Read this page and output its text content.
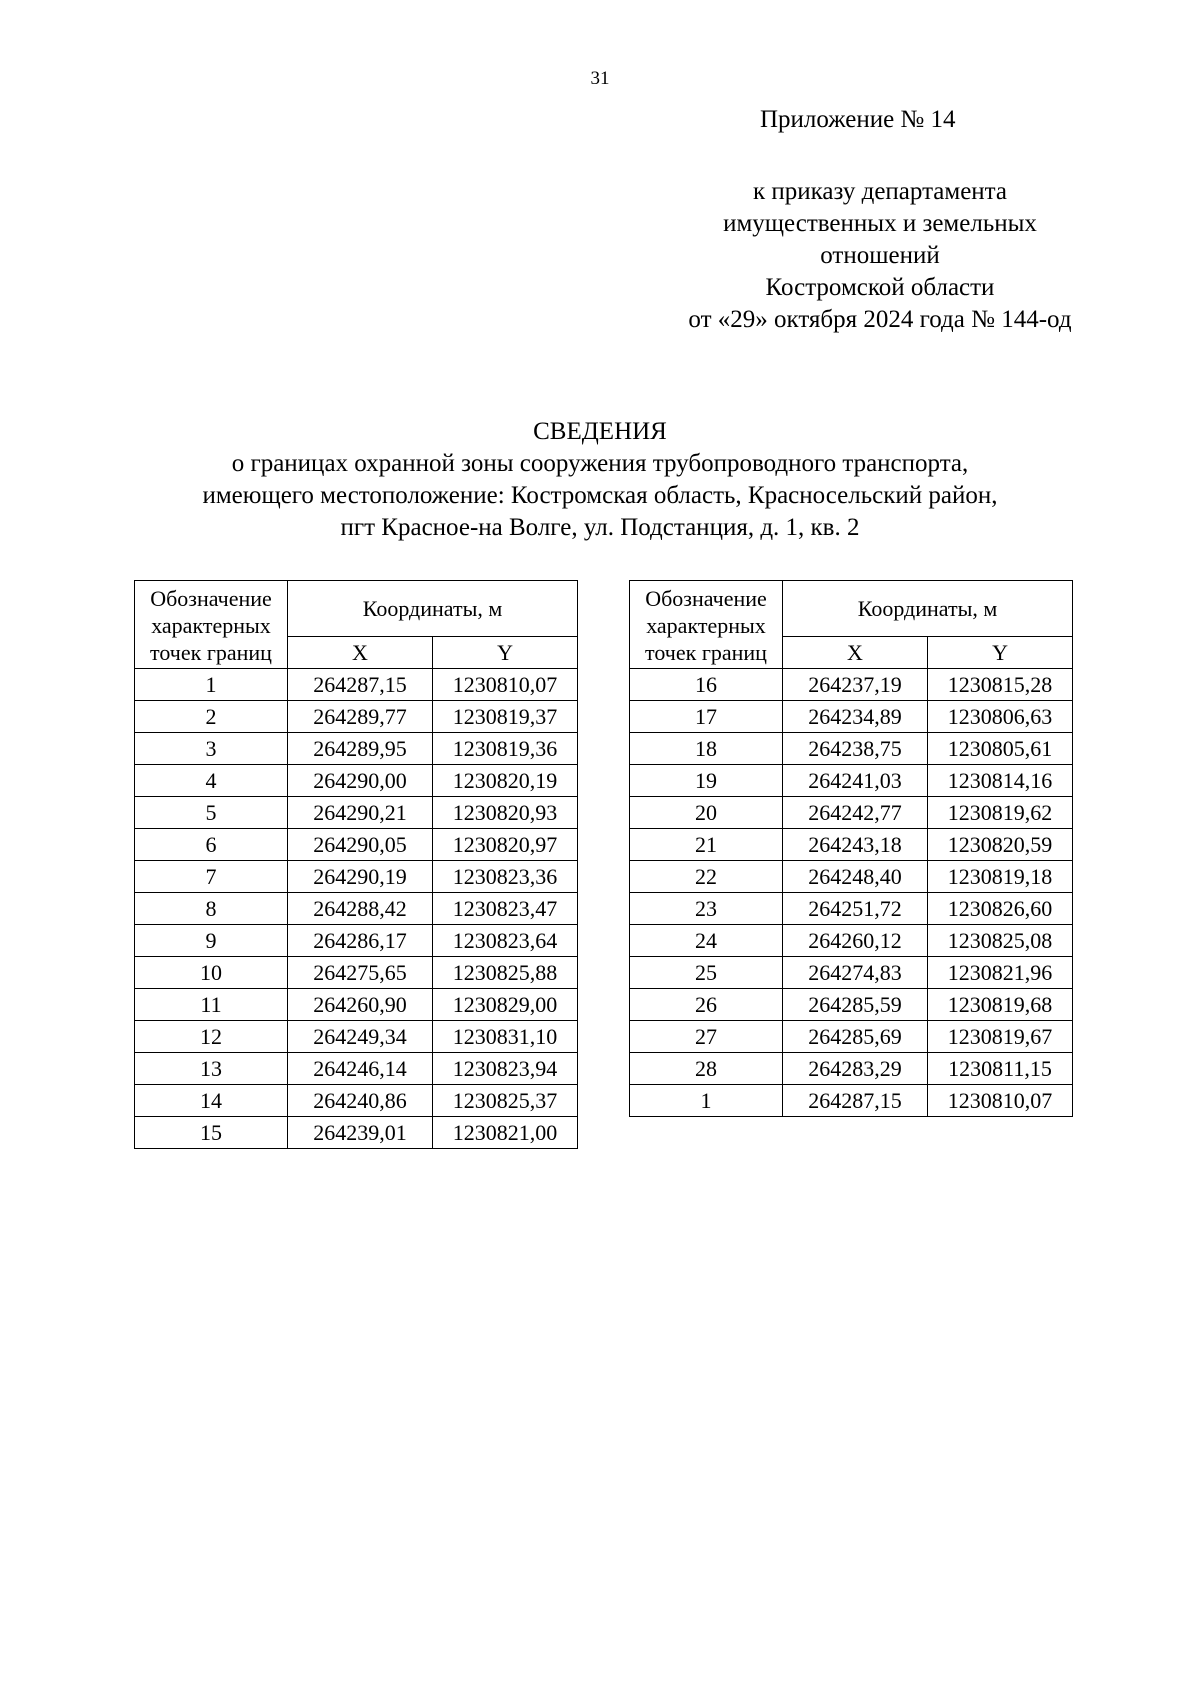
31
Приложение № 14
к приказу департамента
имущественных и земельных
отношений
Костромской области
от «29» октября 2024 года № 144-од
СВЕДЕНИЯ
о границах охранной зоны сооружения трубопроводного транспорта,
имеющего местоположение: Костромская область, Красносельский район,
пгт Красное-на Волге, ул. Подстанция, д. 1, кв. 2
Обозначение
характерных
точек границ	Координаты, м	
	X	Y
1	264287,15	1230810,07
2	264289,77	1230819,37
3	264289,95	1230819,36
4	264290,00	1230820,19
5	264290,21	1230820,93
6	264290,05	1230820,97
7	264290,19	1230823,36
8	264288,42	1230823,47
9	264286,17	1230823,64
10	264275,65	1230825,88
11	264260,90	1230829,00
12	264249,34	1230831,10
13	264246,14	1230823,94
14	264240,86	1230825,37
15	264239,01	1230821,00
Обозначение
характерных
точек границ	Координаты, м	
	X	Y
16	264237,19	1230815,28
17	264234,89	1230806,63
18	264238,75	1230805,61
19	264241,03	1230814,16
20	264242,77	1230819,62
21	264243,18	1230820,59
22	264248,40	1230819,18
23	264251,72	1230826,60
24	264260,12	1230825,08
25	264274,83	1230821,96
26	264285,59	1230819,68
27	264285,69	1230819,67
28	264283,29	1230811,15
1	264287,15	1230810,07
